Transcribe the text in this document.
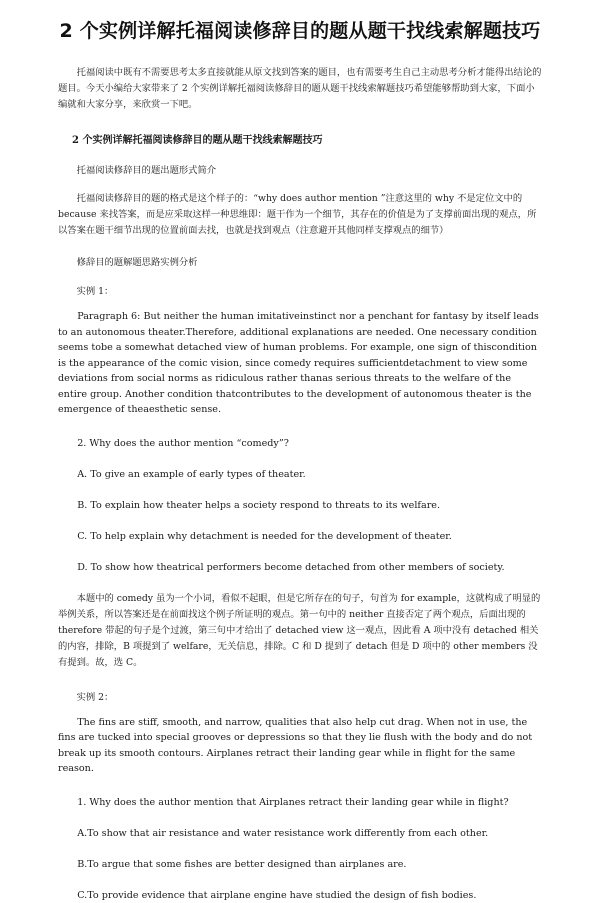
2 个实例详解托福阅读修辞目的题从题干找线索解题技巧

托福阅读中既有不需要思考太多直接就能从原文找到答案的题目，也有需要考生自己主动思考分析才能得出结论的题目。今天小编给大家带来了 2 个实例详解托福阅读修辞目的题从题干找线索解题技巧希望能够帮助到大家，下面小编就和大家分享，来欣赏一下吧。

2 个实例详解托福阅读修辞目的题从题干找线索解题技巧

托福阅读修辞目的题出题形式简介

托福阅读修辞目的题的格式是这个样子的：“why does author mention ”注意这里的 why 不是定位文中的 because 来找答案，而是应采取这样一种思维即：题干作为一个细节，其存在的价值是为了支撑前面出现的观点，所以答案在题干细节出现的位置前面去找，也就是找到观点（注意避开其他同样支撑观点的细节）

修辞目的题解题思路实例分析

实例 1：

Paragraph 6: But neither the human imitativeinstinct nor a penchant for fantasy by itself leads to an autonomous theater.Therefore, additional explanations are needed. One necessary condition seems tobe a somewhat detached view of human problems. For example, one sign of thiscondition is the appearance of the comic vision, since comedy requires sufficientdetachment to view some deviations from social norms as ridiculous rather thanas serious threats to the welfare of the entire group. Another condition thatcontributes to the development of autonomous theater is the emergence of theaesthetic sense.

2. Why does the author mention “comedy”?

A. To give an example of early types of theater.

B. To explain how theater helps a society respond to threats to its welfare.

C. To help explain why detachment is needed for the development of theater.

D. To show how theatrical performers become detached from other members of society.

本题中的 comedy 虽为一个小词，看似不起眼，但是它所存在的句子，句首为 for example，这就构成了明显的举例关系，所以答案还是在前面找这个例子所证明的观点。第一句中的 neither 直接否定了两个观点，后面出现的 therefore 带起的句子是个过渡，第三句中才给出了 detached view 这一观点，因此看 A 项中没有 detached 相关的内容，排除，B 项提到了 welfare，无关信息，排除。C 和 D 提到了 detach 但是 D 项中的 other members 没有提到。故，选 C。

实例 2：

The fins are stiff, smooth, and narrow, qualities that also help cut drag. When not in use, the fins are tucked into special grooves or depressions so that they lie flush with the body and do not break up its smooth contours. Airplanes retract their landing gear while in flight for the same reason.

1. Why does the author mention that Airplanes retract their landing gear while in flight?

A.To show that air resistance and water resistance work differently from each other.

B.To argue that some fishes are better designed than airplanes are.

C.To provide evidence that airplane engine have studied the design of fish bodies.
